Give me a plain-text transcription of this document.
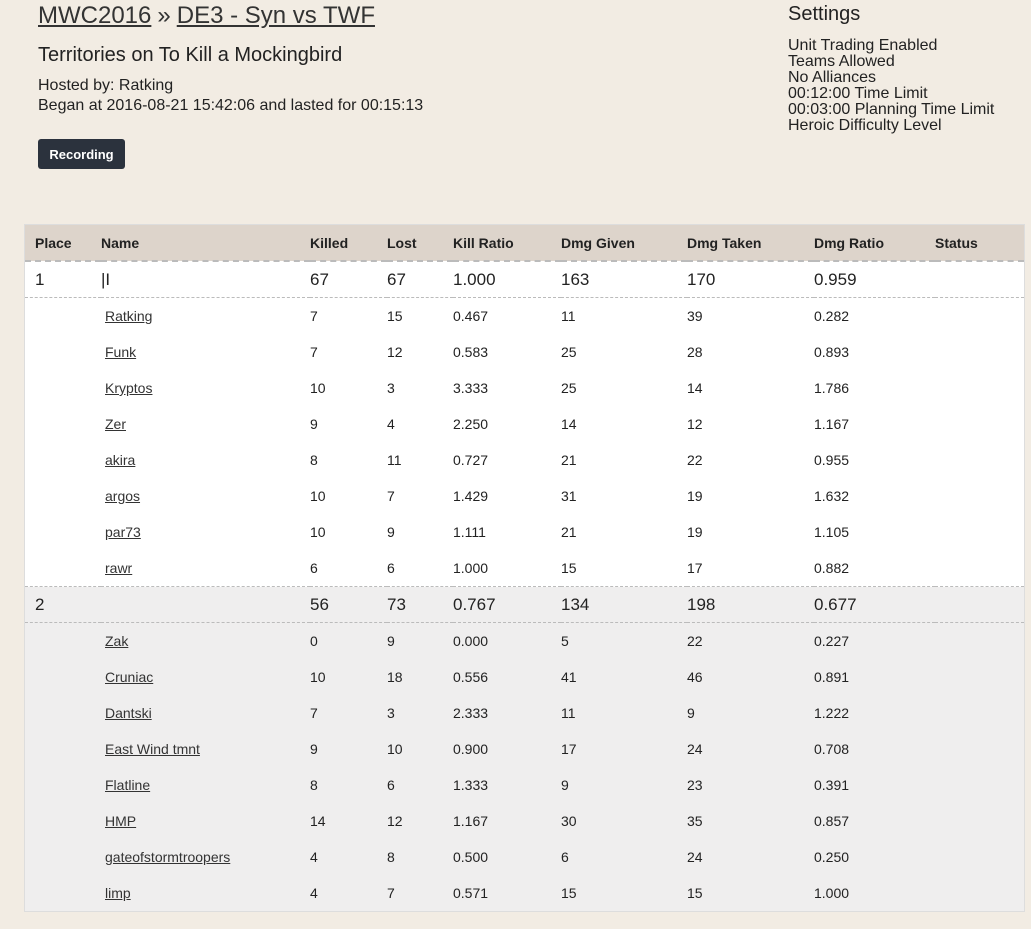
MWC2016 » DE3 - Syn vs TWF
Territories on To Kill a Mockingbird
Hosted by: Ratking
Began at 2016-08-21 15:42:06 and lasted for 00:15:13
Recording
Settings
Unit Trading Enabled
Teams Allowed
No Alliances
00:12:00 Time Limit
00:03:00 Planning Time Limit
Heroic Difficulty Level
Place	Name	Killed	Lost	Kill Ratio	Dmg Given	Dmg Taken	Dmg Ratio	Status
1	|I	67	67	1.000	163	170	0.959	
	Ratking	7	15	0.467	11	39	0.282	
	Funk	7	12	0.583	25	28	0.893	
	Kryptos	10	3	3.333	25	14	1.786	
	Zer	9	4	2.250	14	12	1.167	
	akira	8	11	0.727	21	22	0.955	
	argos	10	7	1.429	31	19	1.632	
	par73	10	9	1.111	21	19	1.105	
	rawr	6	6	1.000	15	17	0.882	
2		56	73	0.767	134	198	0.677	
	Zak	0	9	0.000	5	22	0.227	
	Cruniac	10	18	0.556	41	46	0.891	
	Dantski	7	3	2.333	11	9	1.222	
	East Wind tmnt	9	10	0.900	17	24	0.708	
	Flatline	8	6	1.333	9	23	0.391	
	HMP	14	12	1.167	30	35	0.857	
	gateofstormtroopers	4	8	0.500	6	24	0.250	
	limp	4	7	0.571	15	15	1.000	
